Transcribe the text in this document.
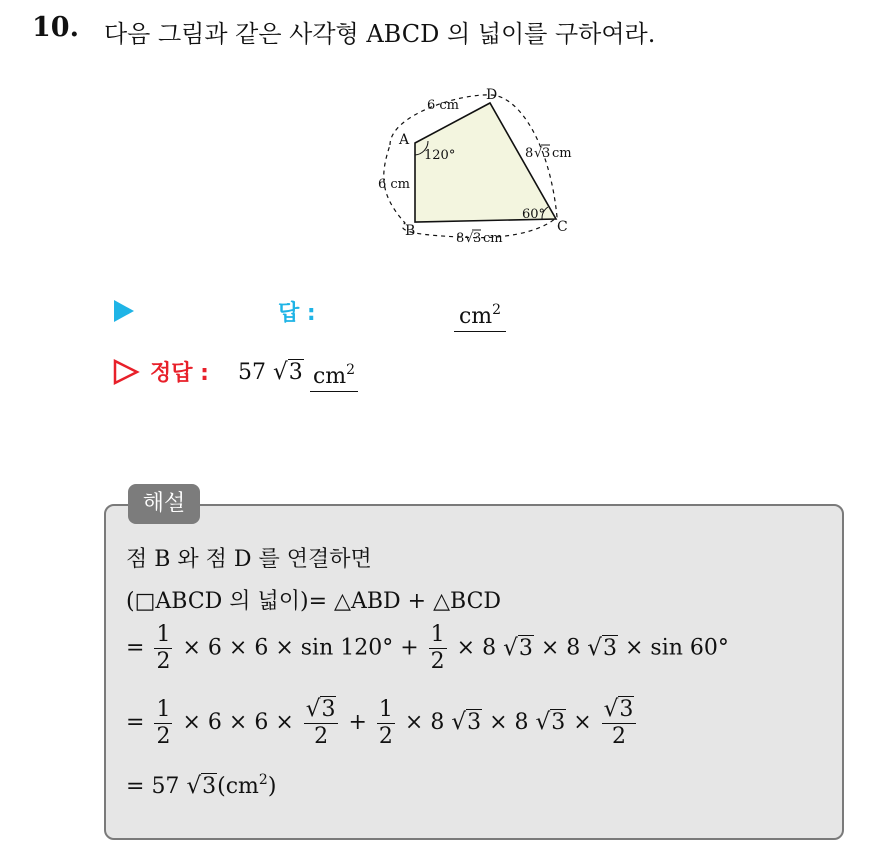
10. 다음 그림과 같은 사각형 ABCD 의 넓이를 구하여라.
A
B	C
D
6 cm
6 cm
120°
60°
8 √ 3 cm
8 √ 3 cm
답 :	$cm^2$
정답 : 57 √3 $cm^2$
해설
점 B 와 점 D 를 연결하면
(□ABCD 의 넓이)= △ABD + △BCD
= $\frac{1}{2} \times 6 \times 6 \times \sin 120^\circ + \frac{1}{2} \times 8$ √3 × 8 √3 × sin 60°
= $\frac{1}{2} \times 6 \times 6 \times \frac{√3}{2} + \frac{1}{2} \times 8$ √3 × 8 $√3 \times \frac{√3}{2}$
= 57 $√3(cm^2)$
